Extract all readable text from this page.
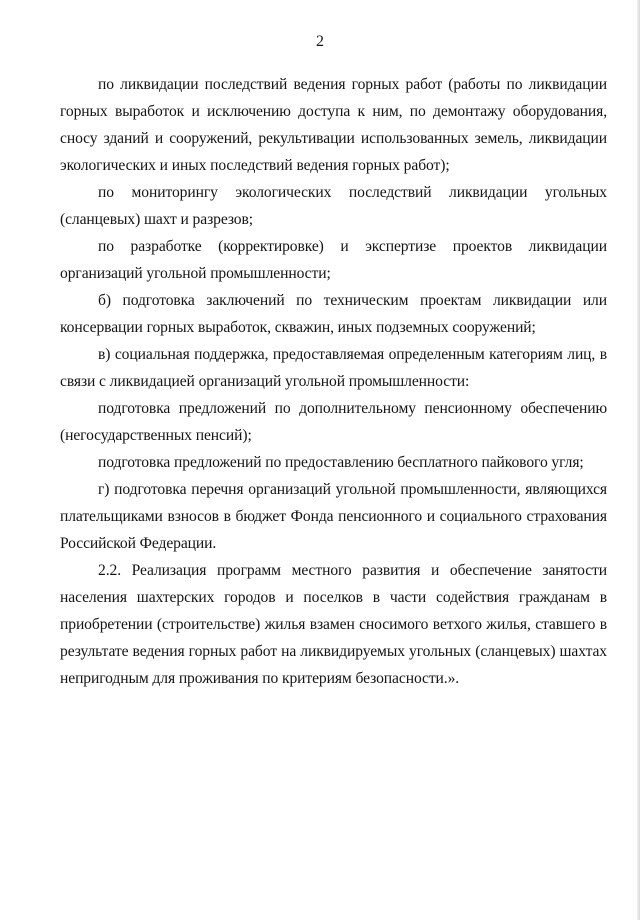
2

по ликвидации последствий ведения горных работ (работы по ликвидации горных выработок и исключению доступа к ним, по демонтажу оборудования, сносу зданий и сооружений, рекультивации использованных земель, ликвидации экологических и иных последствий ведения горных работ);

по мониторингу экологических последствий ликвидации угольных (сланцевых) шахт и разрезов;

по разработке (корректировке) и экспертизе проектов ликвидации организаций угольной промышленности;

б) подготовка заключений по техническим проектам ликвидации или консервации горных выработок, скважин, иных подземных сооружений;

в) социальная поддержка, предоставляемая определенным категориям лиц, в связи с ликвидацией организаций угольной промышленности:

подготовка предложений по дополнительному пенсионному обеспечению (негосударственных пенсий);

подготовка предложений по предоставлению бесплатного пайкового угля;

г) подготовка перечня организаций угольной промышленности, являющихся плательщиками взносов в бюджет Фонда пенсионного и социального страхования Российской Федерации.

2.2. Реализация программ местного развития и обеспечение занятости населения шахтерских городов и поселков в части содействия гражданам в приобретении (строительстве) жилья взамен сносимого ветхого жилья, ставшего в результате ведения горных работ на ликвидируемых угольных (сланцевых) шахтах непригодным для проживания по критериям безопасности.».
